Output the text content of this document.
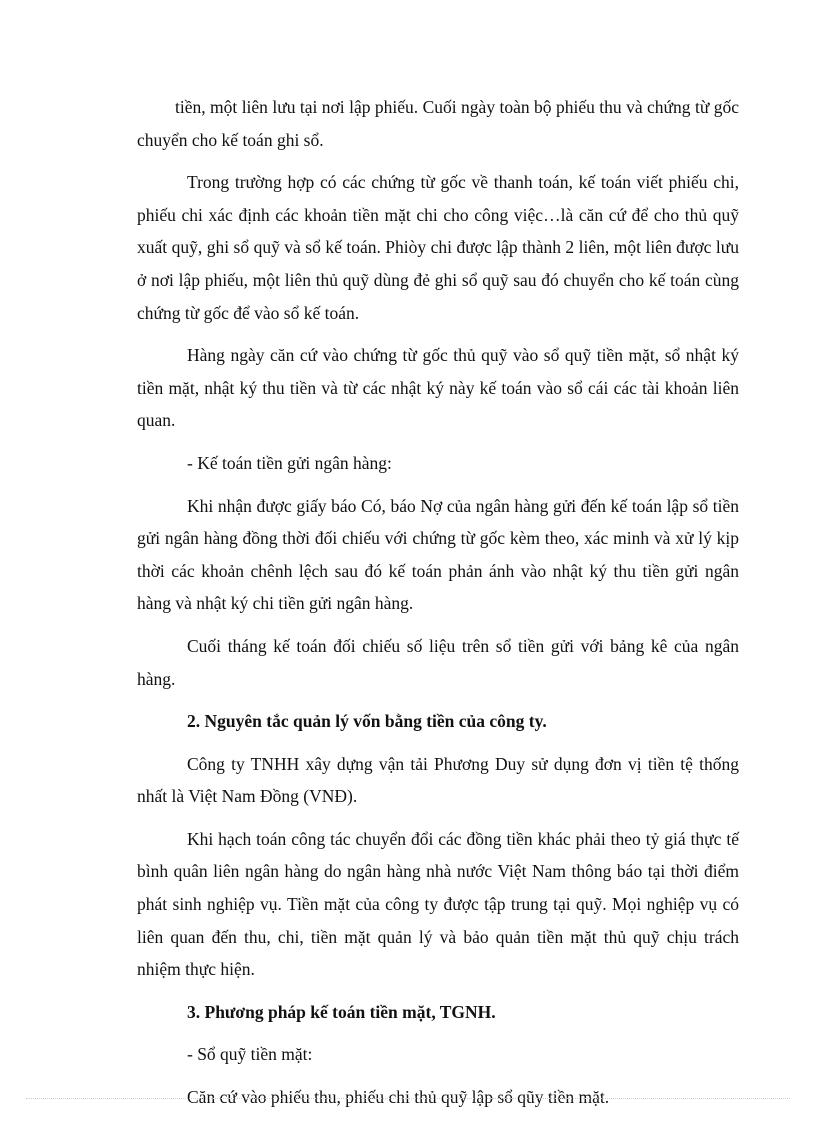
tiền, một liên lưu tại nơi lập phiếu. Cuối ngày toàn bộ phiếu thu và chứng từ gốc chuyển cho kế toán ghi sổ.

Trong trường hợp có các chứng từ gốc về thanh toán, kế toán viết phiếu chi, phiếu chi xác định các khoản tiền mặt chi cho công việc…là căn cứ để cho thủ quỹ xuất quỹ, ghi sổ quỹ và sổ kế toán. Phiòy chi được lập thành 2 liên, một liên được lưu ở nơi lập phiếu, một liên thủ quỹ dùng đẻ ghi sổ quỹ sau đó chuyển cho kế toán cùng chứng từ gốc để vào sổ kế toán.

Hàng ngày căn cứ vào chứng từ gốc thủ quỹ vào sổ quỹ tiền mặt, sổ nhật ký tiền mặt, nhật ký thu tiền và từ các nhật ký này kế toán vào sổ cái các tài khoản liên quan.

- Kế toán tiền gửi ngân hàng:

Khi nhận được giấy báo Có, báo Nợ của ngân hàng gửi đến kế toán lập sổ tiền gửi ngân hàng đồng thời đối chiếu với chứng từ gốc kèm theo, xác minh và xử lý kịp thời các khoản chênh lệch sau đó kế toán phản ánh vào nhật ký thu tiền gửi ngân hàng và nhật ký chi tiền gửi ngân hàng.

Cuối tháng kế toán đối chiếu số liệu trên sổ tiền gửi với bảng kê của ngân hàng.

2. Nguyên tắc quản lý vốn bằng tiền của công ty.

Công ty TNHH xây dựng vận tải Phương Duy sử dụng đơn vị tiền tệ thống nhất là Việt Nam Đồng (VNĐ).

Khi hạch toán công tác chuyển đổi các đồng tiền khác phải theo tỷ giá thực tế bình quân liên ngân hàng do ngân hàng nhà nước Việt Nam thông báo tại thời điểm phát sinh nghiệp vụ. Tiền mặt của công ty được tập trung tại quỹ. Mọi nghiệp vụ có liên quan đến thu, chi, tiền mặt quản lý và bảo quản tiền mặt thủ quỹ chịu trách nhiệm thực hiện.

3. Phương pháp kế toán tiền mặt, TGNH.

- Sổ quỹ tiền mặt:

Căn cứ vào phiếu thu, phiếu chi thủ quỹ lập sổ qũy tiền mặt.
